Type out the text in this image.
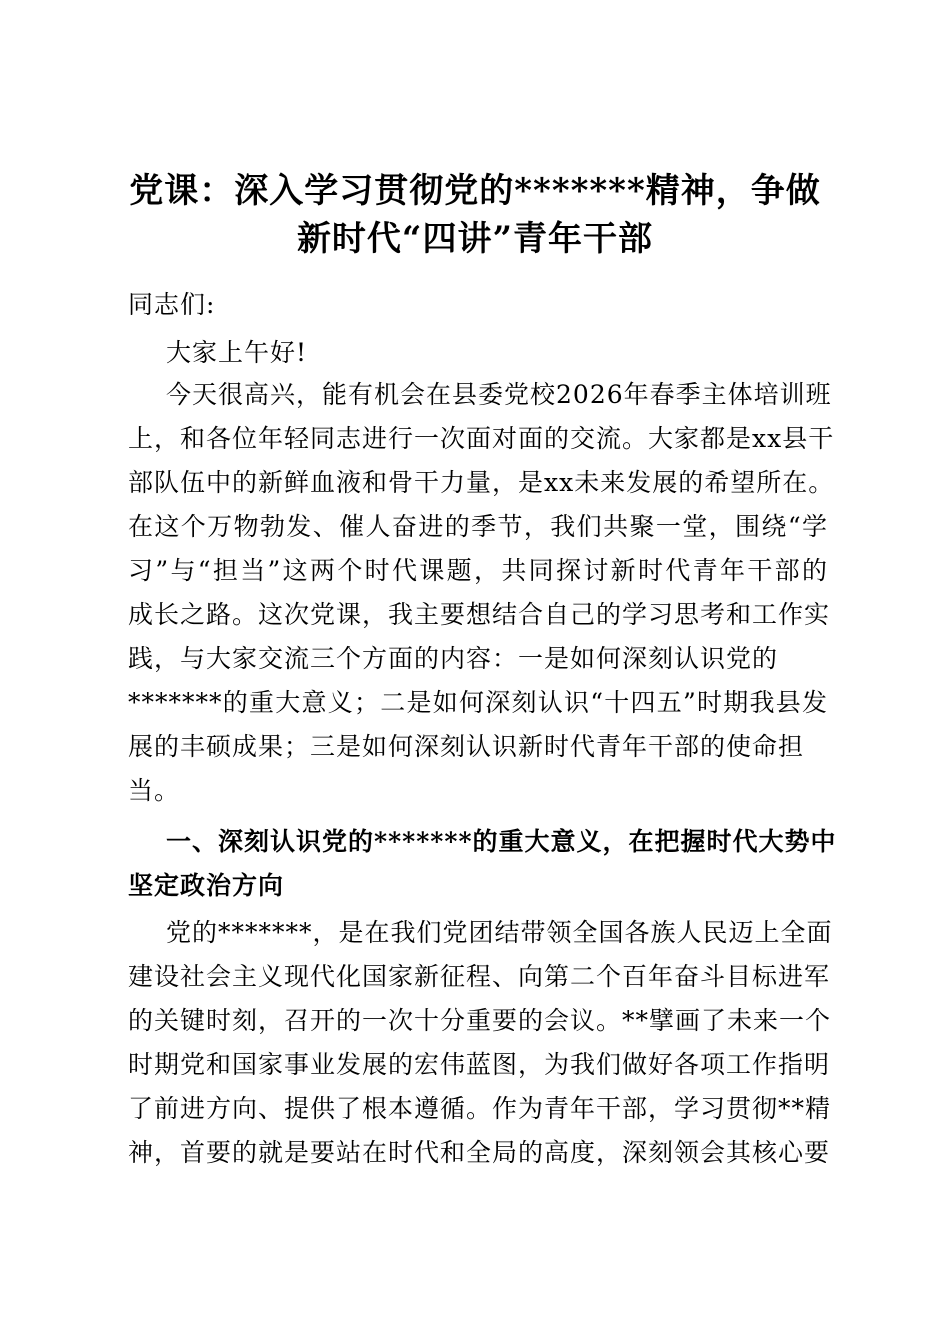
党课：深入学习贯彻党的*******精神，争做
新时代“四讲”青年干部
同志们:
大家上午好!
今天很高兴，能有机会在县委党校2026年春季主体培训班
上，和各位年轻同志进行一次面对面的交流。大家都是xx县干
部队伍中的新鲜血液和骨干力量，是xx未来发展的希望所在。
在这个万物勃发、催人奋进的季节，我们共聚一堂，围绕“学
习”与“担当”这两个时代课题，共同探讨新时代青年干部的
成长之路。这次党课，我主要想结合自己的学习思考和工作实
践，与大家交流三个方面的内容：一是如何深刻认识党的
*******的重大意义；二是如何深刻认识“十四五”时期我县发
展的丰硕成果；三是如何深刻认识新时代青年干部的使命担
当。
一、深刻认识党的*******的重大意义，在把握时代大势中
坚定政治方向
党的*******，是在我们党团结带领全国各族人民迈上全面
建设社会主义现代化国家新征程、向第二个百年奋斗目标进军
的关键时刻，召开的一次十分重要的会议。**擘画了未来一个
时期党和国家事业发展的宏伟蓝图，为我们做好各项工作指明
了前进方向、提供了根本遵循。作为青年干部，学习贯彻**精
神，首要的就是要站在时代和全局的高度，深刻领会其核心要
